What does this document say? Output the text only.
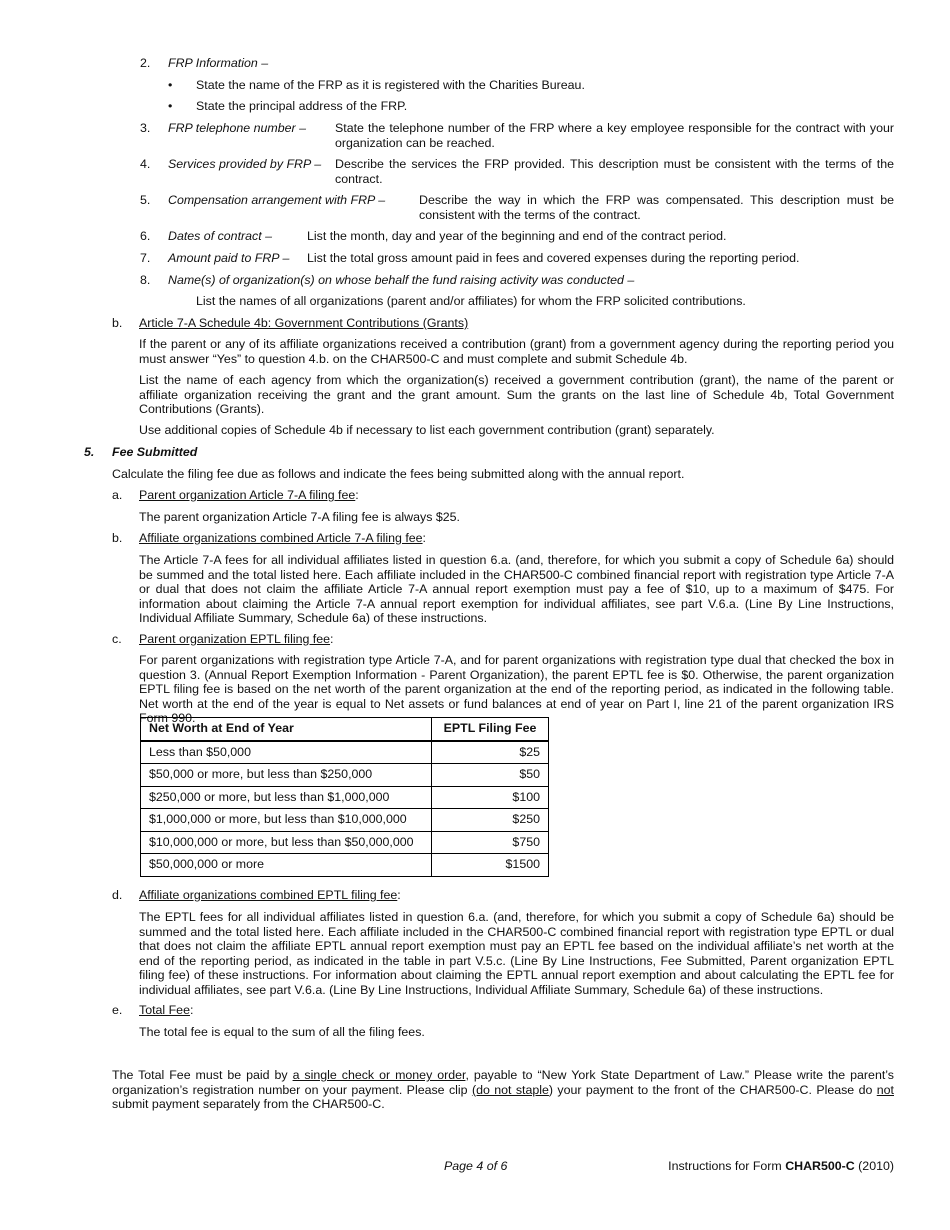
2. FRP Information –
• State the name of the FRP as it is registered with the Charities Bureau.
• State the principal address of the FRP.
3. FRP telephone number – State the telephone number of the FRP where a key employee responsible for the contract with your organization can be reached.
4. Services provided by FRP – Describe the services the FRP provided. This description must be consistent with the terms of the contract.
5. Compensation arrangement with FRP –	Describe the way in which the FRP was compensated. This description must be consistent with the terms of the contract.
6. Dates of contract –	List the month, day and year of the beginning and end of the contract period.
7. Amount paid to FRP – List the total gross amount paid in fees and covered expenses during the reporting period.
8. Name(s) of organization(s) on whose behalf the fund raising activity was conducted –
List the names of all organizations (parent and/or affiliates) for whom the FRP solicited contributions.
b. Article 7-A Schedule 4b: Government Contributions (Grants)
If the parent or any of its affiliate organizations received a contribution (grant) from a government agency during the reporting period you must answer “Yes” to question 4.b. on the CHAR500-C and must complete and submit Schedule 4b.
List the name of each agency from which the organization(s) received a government contribution (grant), the name of the parent or affiliate organization receiving the grant and the grant amount. Sum the grants on the last line of Schedule 4b, Total Government Contributions (Grants).
Use additional copies of Schedule 4b if necessary to list each government contribution (grant) separately.
5. Fee Submitted
Calculate the filing fee due as follows and indicate the fees being submitted along with the annual report.
a. Parent organization Article 7-A filing fee:
The parent organization Article 7-A filing fee is always $25.
b. Affiliate organizations combined Article 7-A filing fee:
The Article 7-A fees for all individual affiliates listed in question 6.a. (and, therefore, for which you submit a copy of Schedule 6a) should be summed and the total listed here. Each affiliate included in the CHAR500-C combined financial report with registration type Article 7-A or dual that does not claim the affiliate Article 7-A annual report exemption must pay a fee of $10, up to a maximum of $475. For information about claiming the Article 7-A annual report exemption for individual affiliates, see part V.6.a. (Line By Line Instructions, Individual Affiliate Summary, Schedule 6a) of these instructions.
c. Parent organization EPTL filing fee:
For parent organizations with registration type Article 7-A, and for parent organizations with registration type dual that checked the box in question 3. (Annual Report Exemption Information - Parent Organization), the parent EPTL fee is $0. Otherwise, the parent organization EPTL filing fee is based on the net worth of the parent organization at the end of the reporting period, as indicated in the following table. Net worth at the end of the year is equal to Net assets or fund balances at end of year on Part I, line 21 of the parent organization IRS Form 990.
Net Worth at End of Year	EPTL Filing Fee
Less than $50,000	$25
$50,000 or more, but less than $250,000	$50
$250,000 or more, but less than $1,000,000	$100
$1,000,000 or more, but less than $10,000,000	$250
$10,000,000 or more, but less than $50,000,000	$750
$50,000,000 or more	$1500
d. Affiliate organizations combined EPTL filing fee:
The EPTL fees for all individual affiliates listed in question 6.a. (and, therefore, for which you submit a copy of Schedule 6a) should be summed and the total listed here. Each affiliate included in the CHAR500-C combined financial report with registration type EPTL or dual that does not claim the affiliate EPTL annual report exemption must pay an EPTL fee based on the individual affiliate’s net worth at the end of the reporting period, as indicated in the table in part V.5.c. (Line By Line Instructions, Fee Submitted, Parent organization EPTL filing fee) of these instructions. For information about claiming the EPTL annual report exemption and about calculating the EPTL fee for individual affiliates, see part V.6.a. (Line By Line Instructions, Individual Affiliate Summary, Schedule 6a) of these instructions.
e. Total Fee:
The total fee is equal to the sum of all the filing fees.
The Total Fee must be paid by a single check or money order, payable to “New York State Department of Law.” Please write the parent’s organization’s registration number on your payment. Please clip (do not staple) your payment to the front of the CHAR500-C. Please do not submit payment separately from the CHAR500-C.
Page 4 of 6	Instructions for Form CHAR500-C (2010)
